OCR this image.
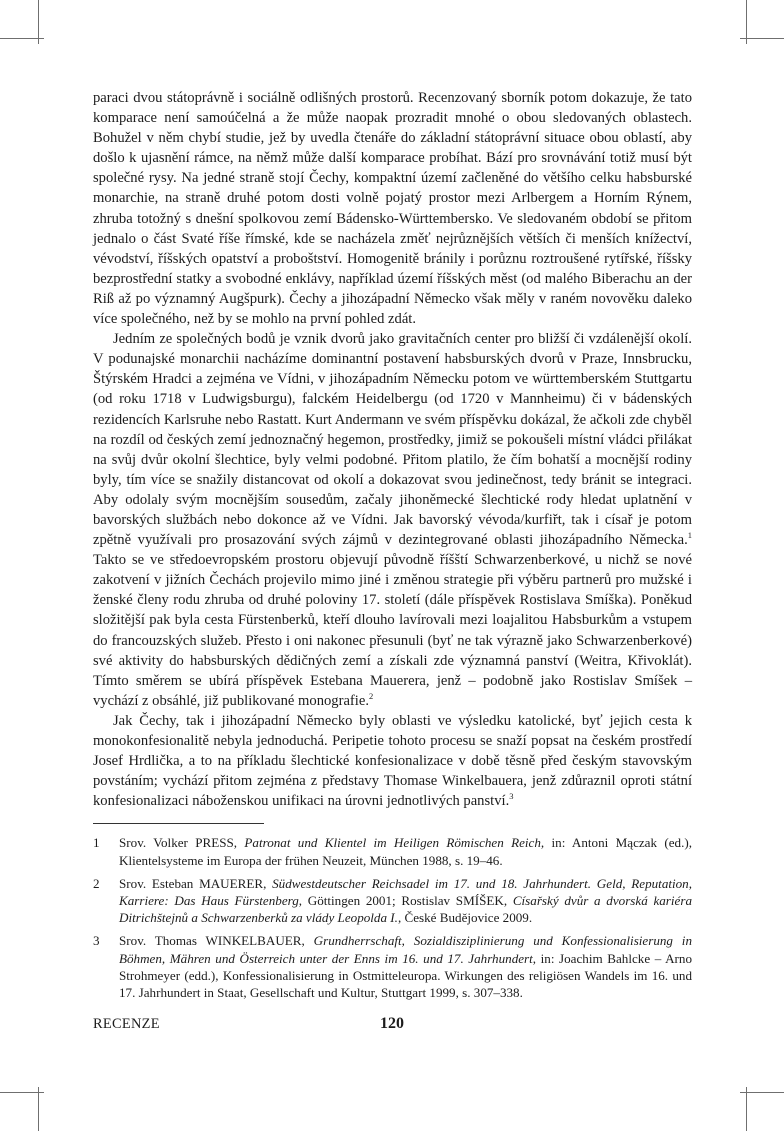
paraci dvou státoprávně i sociálně odlišných prostorů. Recenzovaný sborník potom dokazuje, že tato komparace není samoúčelná a že může naopak prozradit mnohé o obou sledovaných oblastech. Bohužel v něm chybí studie, jež by uvedla čtenáře do základní státoprávní situace obou oblastí, aby došlo k ujasnění rámce, na němž může další komparace probíhat. Bází pro srovnávání totiž musí být společné rysy. Na jedné straně stojí Čechy, kompaktní území začleněné do většího celku habsburské monarchie, na straně druhé potom dosti volně pojatý prostor mezi Arlbergem a Horním Rýnem, zhruba totožný s dnešní spolkovou zemí Bádensko-Württembersko. Ve sledovaném období se přitom jednalo o část Svaté říše římské, kde se nacházela změť nejrůznějších větších či menších knížectví, vévodství, říšských opatství a proboštství. Homogenitě bránily i porůznu roztroušené rytířské, říšsky bezprostřední statky a svobodné enklávy, například území říšských měst (od malého Biberachu an der Riß až po významný Augšpurk). Čechy a jihozápadní Německo však měly v raném novověku daleko více společného, než by se mohlo na první pohled zdát.

Jedním ze společných bodů je vznik dvorů jako gravitačních center pro bližší či vzdálenější okolí. V podunajské monarchii nacházíme dominantní postavení habsburských dvorů v Praze, Innsbrucku, Štýrském Hradci a zejména ve Vídni, v jihozápadním Německu potom ve württemberském Stuttgartu (od roku 1718 v Ludwigsburgu), falckém Heidelbergu (od 1720 v Mannheimu) či v bádenských rezidencích Karlsruhe nebo Rastatt. Kurt Andermann ve svém příspěvku dokázal, že ačkoli zde chyběl na rozdíl od českých zemí jednoznačný hegemon, prostředky, jimiž se pokoušeli místní vládci přilákat na svůj dvůr okolní šlechtice, byly velmi podobné. Přitom platilo, že čím bohatší a mocnější rodiny byly, tím více se snažily distancovat od okolí a dokazovat svou jedinečnost, tedy bránit se integraci. Aby odolaly svým mocnějším sousedům, začaly jihoněmecké šlechtické rody hledat uplatnění v bavorských službách nebo dokonce až ve Vídni. Jak bavorský vévoda/kurfiřt, tak i císař je potom zpětně využívali pro prosazování svých zájmů v dezintegrované oblasti jihozápadního Německa.$^1$ Takto se ve středoevropském prostoru objevují původně říšští Schwarzenberkové, u nichž se nové zakotvení v jižních Čechách projevilo mimo jiné i změnou strategie při výběru partnerů pro mužské i ženské členy rodu zhruba od druhé poloviny 17. století (dále příspěvek Rostislava Smíška). Poněkud složitější pak byla cesta Fürstenberků, kteří dlouho lavírovali mezi loajalitou Habsburkům a vstupem do francouzských služeb. Přesto i oni nakonec přesunuli (byť ne tak výrazně jako Schwarzenberkové) své aktivity do habsburských dědičných zemí a získali zde významná panství (Weitra, Křivoklát). Tímto směrem se ubírá příspěvek Estebana Mauerera, jenž – podobně jako Rostislav Smíšek – vychází z obsáhlé, již publikované monografie.$^2$

Jak Čechy, tak i jihozápadní Německo byly oblasti ve výsledku katolické, byť jejich cesta k monokonfesionalitě nebyla jednoduchá. Peripetie tohoto procesu se snaží popsat na českém prostředí Josef Hrdlička, a to na příkladu šlechtické konfesionalizace v době těsně před českým stavovským povstáním; vychází přitom zejména z představy Thomase Winkelbauera, jenž zdůraznil oproti státní konfesionalizaci náboženskou unifikaci na úrovni jednotlivých panství.$^3$

1	Srov. Volker PRESS, Patronat und Klientel im Heiligen Römischen Reich, in: Antoni Mączak (ed.), Klientelsysteme im Europa der frühen Neuzeit, München 1988, s. 19–46.
2	Srov. Esteban MAUERER, Südwestdeutscher Reichsadel im 17. und 18. Jahrhundert. Geld, Reputation, Karriere: Das Haus Fürstenberg, Göttingen 2001; Rostislav SMÍŠEK, Císařský dvůr a dvorská kariéra Ditrichštejnů a Schwarzenberků za vlády Leopolda I., České Budějovice 2009.
3	Srov. Thomas WINKELBAUER, Grundherrschaft, Sozialdisziplinierung und Konfessionalisierung in Böhmen, Mähren und Österreich unter der Enns im 16. und 17. Jahrhundert, in: Joachim Bahlcke – Arno Strohmeyer (edd.), Konfessionalisierung in Ostmitteleuropa. Wirkungen des religiösen Wandels im 16. und 17. Jahrhundert in Staat, Gesellschaft und Kultur, Stuttgart 1999, s. 307–338.
RECENZE	120
